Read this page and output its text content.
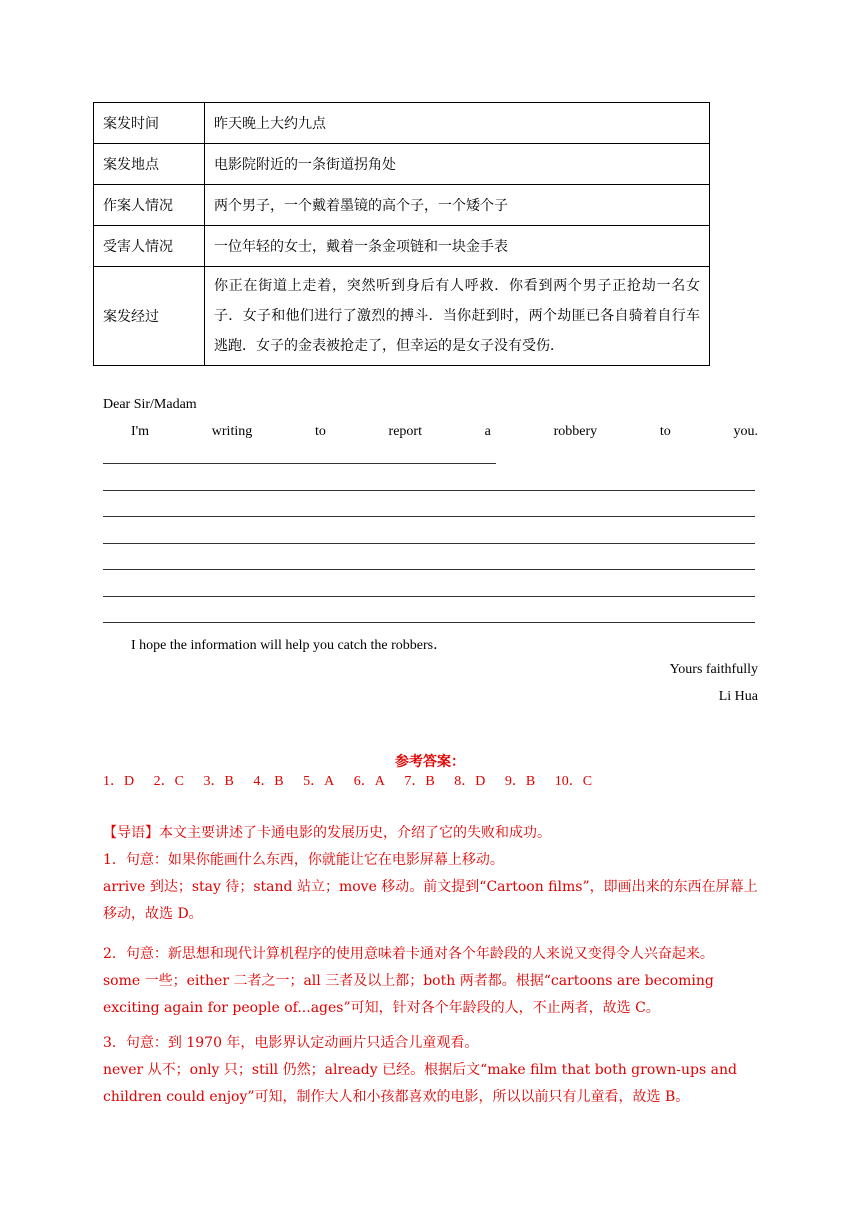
案发时间	昨天晚上大约九点
案发地点	电影院附近的一条街道拐角处
作案人情况	两个男子，一个戴着墨镜的高个子，一个矮个子
受害人情况	一位年轻的女士，戴着一条金项链和一块金手表
案发经过	你正在街道上走着，突然听到身后有人呼救．你看到两个男子正抢劫一名女子．女子和他们进行了激烈的搏斗．当你赶到时，两个劫匪已各自骑着自行车逃跑．女子的金表被抢走了，但幸运的是女子没有受伤．
Dear Sir/Madam
I'm	writing	to	report	a	robbery	to	you.
I hope the information will help you catch the robbers．
Yours faithfully
Li Hua
参考答案：
1．D 2．C 3．B 4．B 5．A 6．A 7．B 8．D 9．B 10．C

【导语】本文主要讲述了卡通电影的发展历史，介绍了它的失败和成功。

1．句意：如果你能画什么东西，你就能让它在电影屏幕上移动。

arrive 到达；stay 待；stand 站立；move 移动。前文提到“Cartoon films”，即画出来的东西在屏幕上移动，故选 D。

2．句意：新思想和现代计算机程序的使用意味着卡通对各个年龄段的人来说又变得令人兴奋起来。

some 一些；either 二者之一；all 三者及以上都；both 两者都。根据“cartoons are becoming exciting again for people of...ages”可知，针对各个年龄段的人，不止两者，故选 C。

3．句意：到 1970 年，电影界认定动画片只适合儿童观看。

never 从不；only 只；still 仍然；already 已经。根据后文“make film that both grown-ups and children could enjoy”可知，制作大人和小孩都喜欢的电影，所以以前只有儿童看，故选 B。
